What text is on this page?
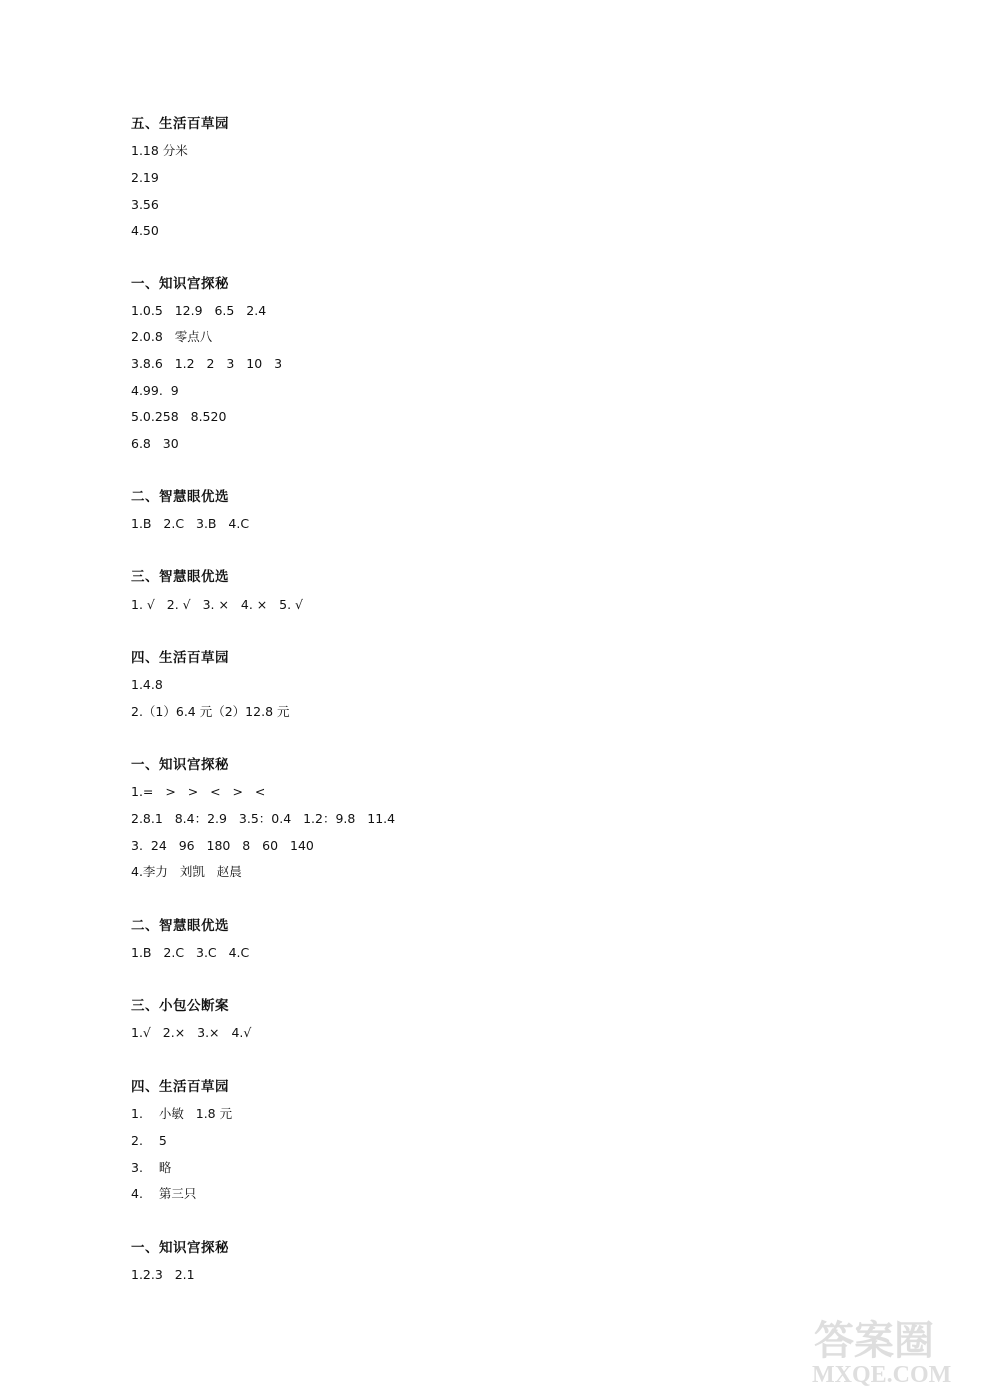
五、生活百草园
1.18 分米
2.19
3.56
4.50
一、知识宫探秘
1.0.5   12.9   6.5   2.4
2.0.8   零点八
3.8.6   1.2   2   3   10   3
4.99.  9
5.0.258   8.520
6.8   30
二、智慧眼优选
1.B   2.C   3.B   4.C
三、智慧眼优选
1. √   2. √   3. ×   4. ×   5. √
四、生活百草园
1.4.8
2.（1）6.4 元（2）12.8 元
一、知识宫探秘
1.=   >   >   <   >   <
2.8.1   8.4：2.9   3.5：0.4   1.2：9.8   11.4
3.  24   96   180   8   60   140
4.李力   刘凯   赵晨
二、智慧眼优选
1.B   2.C   3.C   4.C
三、小包公断案
1.√   2.×   3.×   4.√
四、生活百草园
1.    小敏   1.8 元
2.    5
3.    略
4.    第三只
一、知识宫探秘
1.2.3   2.1
答案圈
MXQE.COM
